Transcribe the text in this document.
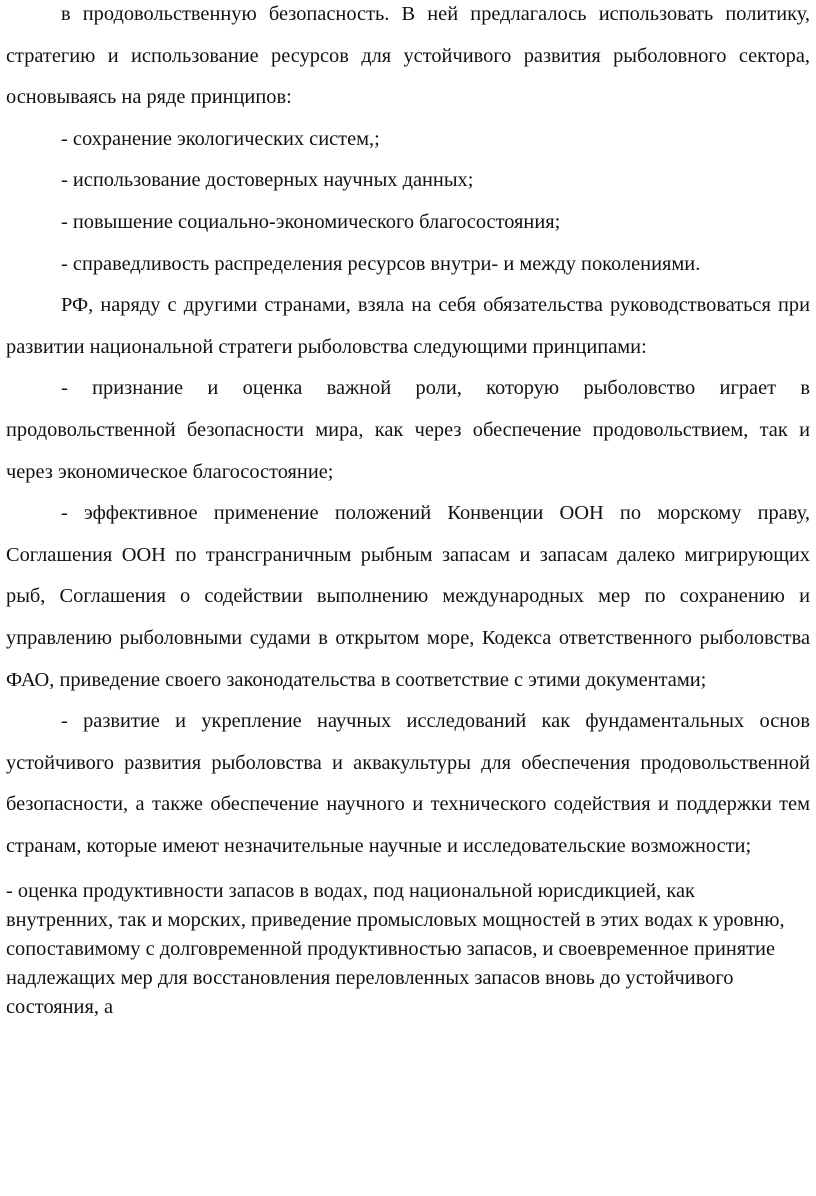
в продовольственную безопасность. В ней предлагалось использовать политику, стратегию и использование ресурсов для устойчивого развития рыболовного сектора, основываясь на ряде принципов:

- сохранение экологических систем,;

- использование достоверных научных данных;

- повышение социально-экономического благосостояния;

- справедливость распределения ресурсов внутри- и между поколениями.

РФ, наряду с другими странами, взяла на себя обязательства руководствоваться при развитии национальной стратеги рыболовства следующими принципами:

- признание и оценка важной роли, которую рыболовство играет в продовольственной безопасности мира, как через обеспечение продовольствием, так и через экономическое благосостояние;

- эффективное применение положений Конвенции ООН по морскому праву, Соглашения ООН по трансграничным рыбным запасам и запасам далеко мигрирующих рыб, Соглашения о содействии выполнению международных мер по сохранению и управлению рыболовными судами в открытом море, Кодекса ответственного рыболовства ФАО, приведение своего законодательства в соответствие с этими документами;

- развитие и укрепление научных исследований как фундаментальных основ устойчивого развития рыболовства и аквакультуры для обеспечения продовольственной безопасности, а также обеспечение научного и технического содействия и поддержки тем странам, которые имеют незначительные научные и исследовательские возможности;

- оценка продуктивности запасов в водах, под национальной юрисдикцией, как внутренних, так и морских, приведение промысловых мощностей в этих водах к уровню, сопоставимому с долговременной продуктивностью запасов, и своевременное принятие надлежащих мер для восстановления переловленных запасов вновь до устойчивого состояния, а
